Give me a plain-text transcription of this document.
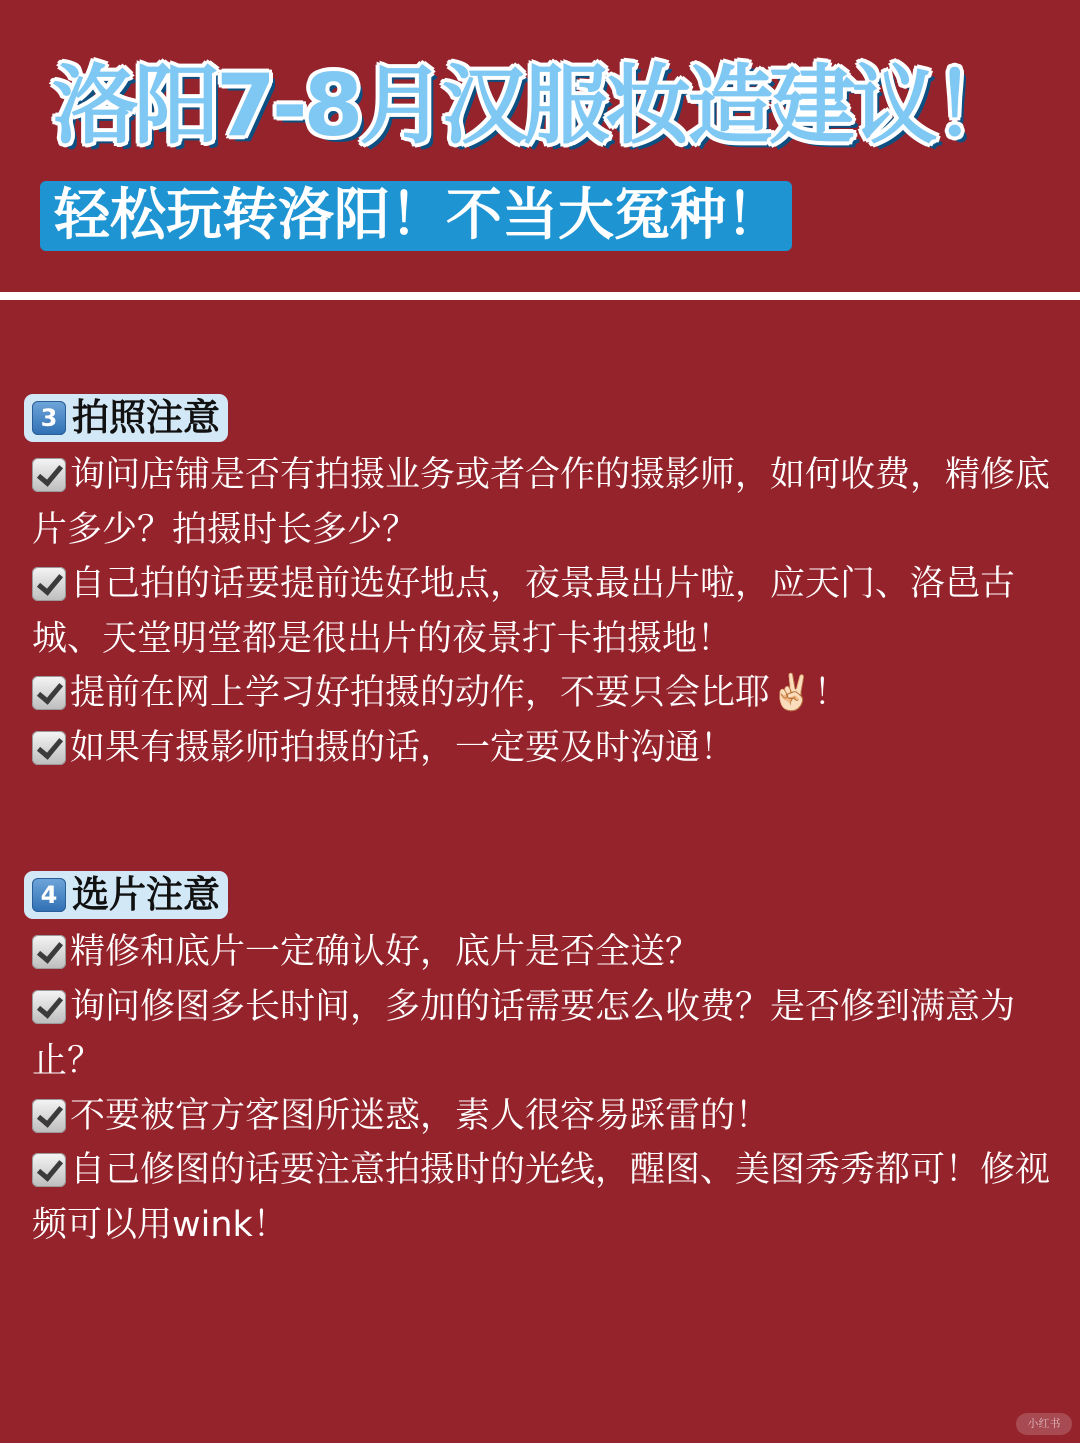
洛阳7-8月汉服妆造建议！
轻松玩转洛阳！不当大冤种！
3 拍照注意
询问店铺是否有拍摄业务或者合作的摄影师，如何收费，精修底片多少？拍摄时长多少？
自己拍的话要提前选好地点，夜景最出片啦，应天门、洛邑古城、天堂明堂都是很出片的夜景打卡拍摄地！
提前在网上学习好拍摄的动作，不要只会比耶✌🏻！
如果有摄影师拍摄的话，一定要及时沟通！
4 选片注意
精修和底片一定确认好，底片是否全送？
询问修图多长时间，多加的话需要怎么收费？是否修到满意为止？
不要被官方客图所迷惑，素人很容易踩雷的！
自己修图的话要注意拍摄时的光线，醒图、美图秀秀都可！修视频可以用wink！
小红书
